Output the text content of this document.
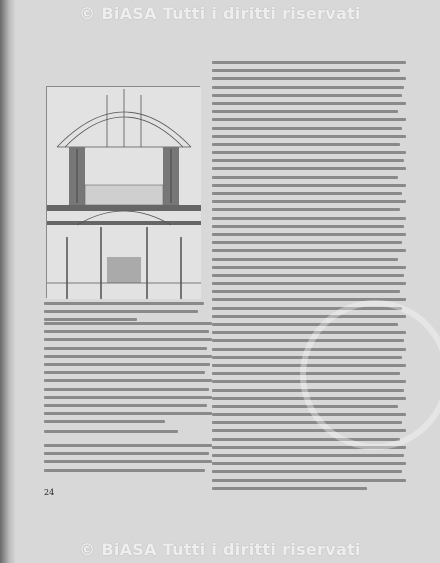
© BiASA Tutti i diritti riservati
© BiASA Tutti i diritti riservati
24
